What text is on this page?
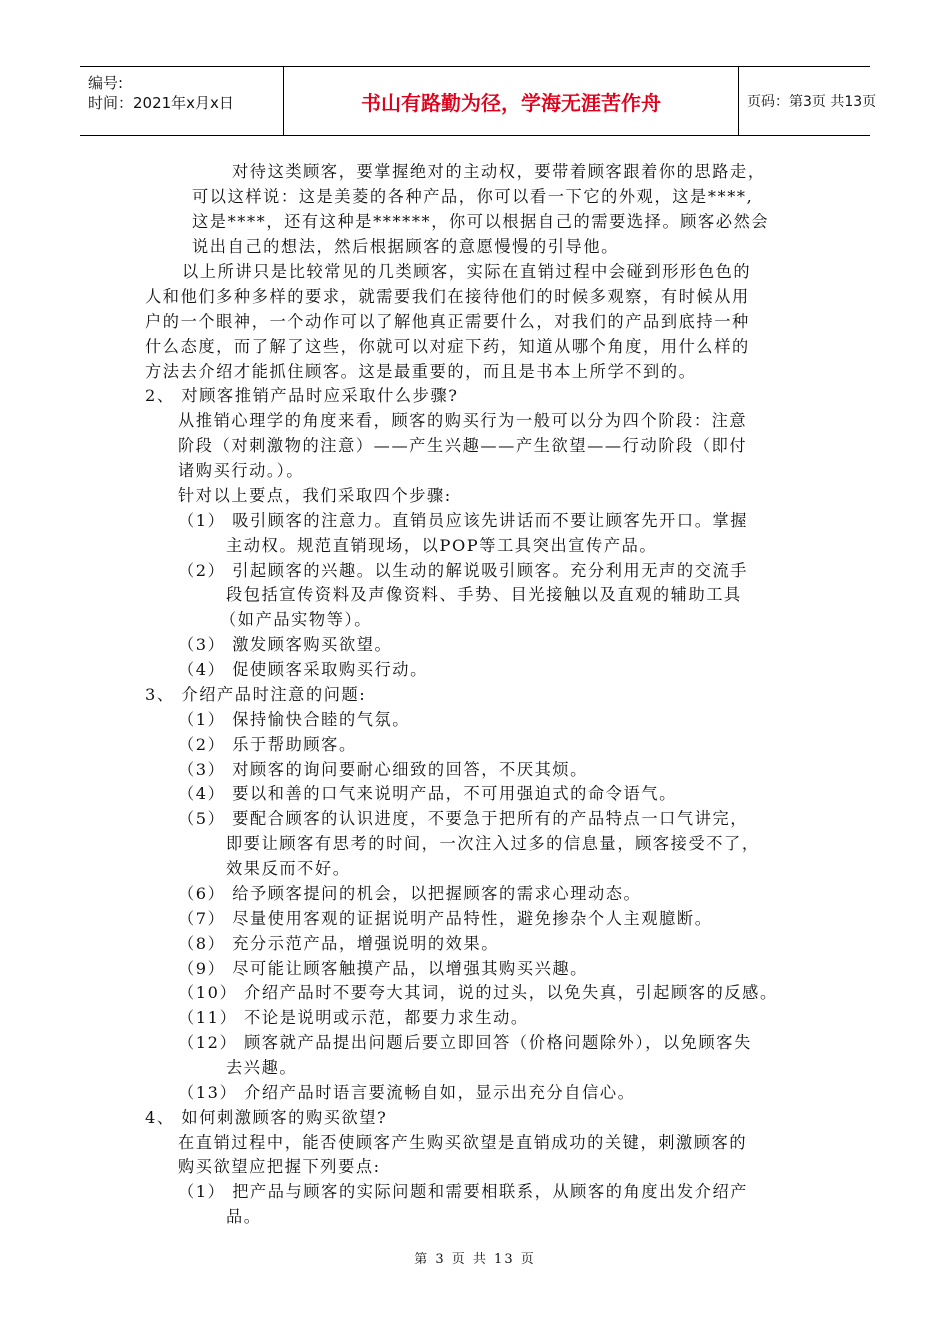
编号:
时间：2021年x月x日	书山有路勤为径，学海无涯苦作舟	页码：第3页 共13页
对待这类顾客，要掌握绝对的主动权，要带着顾客跟着你的思路走，
可以这样说：这是美菱的各种产品，你可以看一下它的外观，这是****,
这是****，还有这种是******，你可以根据自己的需要选择。顾客必然会
说出自己的想法，然后根据顾客的意愿慢慢的引导他。
以上所讲只是比较常见的几类顾客，实际在直销过程中会碰到形形色色的
人和他们多种多样的要求，就需要我们在接待他们的时候多观察，有时候从用
户的一个眼神，一个动作可以了解他真正需要什么，对我们的产品到底持一种
什么态度，而了解了这些，你就可以对症下药，知道从哪个角度，用什么样的
方法去介绍才能抓住顾客。这是最重要的，而且是书本上所学不到的。
2、 对顾客推销产品时应采取什么步骤?
从推销心理学的角度来看，顾客的购买行为一般可以分为四个阶段：注意
阶段（对刺激物的注意）——产生兴趣——产生欲望——行动阶段（即付
诸购买行动。）。
针对以上要点，我们采取四个步骤:
（1） 吸引顾客的注意力。直销员应该先讲话而不要让顾客先开口。掌握
主动权。规范直销现场，以POP等工具突出宣传产品。
（2） 引起顾客的兴趣。以生动的解说吸引顾客。充分利用无声的交流手
段包括宣传资料及声像资料、手势、目光接触以及直观的辅助工具
（如产品实物等）。
（3） 激发顾客购买欲望。
（4） 促使顾客采取购买行动。
3、 介绍产品时注意的问题:
（1） 保持愉快合睦的气氛。
（2） 乐于帮助顾客。
（3） 对顾客的询问要耐心细致的回答，不厌其烦。
（4） 要以和善的口气来说明产品，不可用强迫式的命令语气。
（5） 要配合顾客的认识进度，不要急于把所有的产品特点一口气讲完，
即要让顾客有思考的时间，一次注入过多的信息量，顾客接受不了，
效果反而不好。
（6） 给予顾客提问的机会，以把握顾客的需求心理动态。
（7） 尽量使用客观的证据说明产品特性，避免掺杂个人主观臆断。
（8） 充分示范产品，增强说明的效果。
（9） 尽可能让顾客触摸产品，以增强其购买兴趣。
（10） 介绍产品时不要夸大其词，说的过头，以免失真，引起顾客的反感。
（11） 不论是说明或示范，都要力求生动。
（12） 顾客就产品提出问题后要立即回答（价格问题除外），以免顾客失
去兴趣。
（13） 介绍产品时语言要流畅自如，显示出充分自信心。
4、 如何刺激顾客的购买欲望?
在直销过程中，能否使顾客产生购买欲望是直销成功的关键，刺激顾客的
购买欲望应把握下列要点:
（1） 把产品与顾客的实际问题和需要相联系，从顾客的角度出发介绍产
品。
第 3 页 共 13 页
